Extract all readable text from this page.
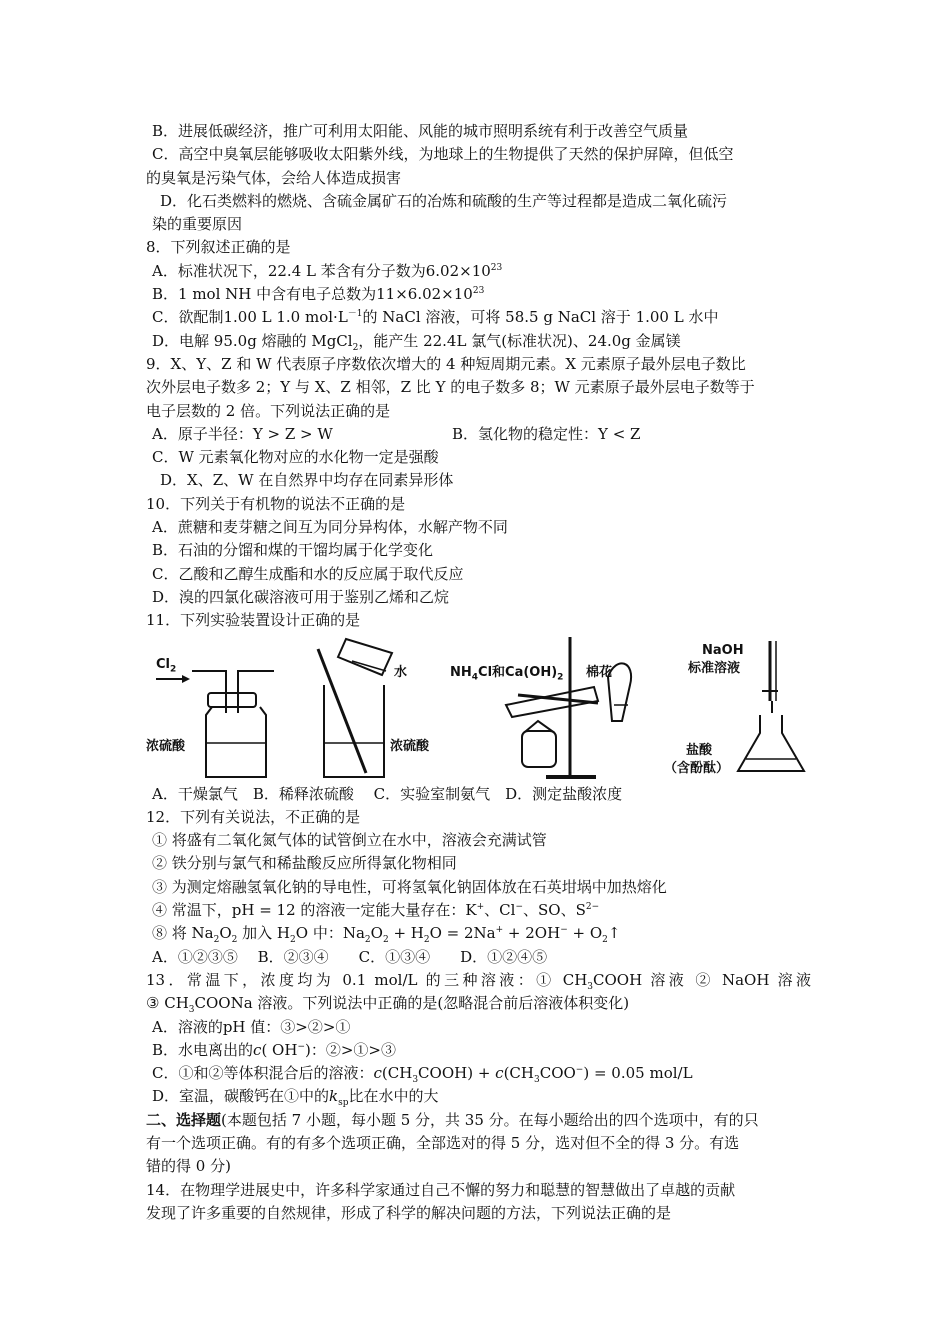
B．进展低碳经济，推广可利用太阳能、风能的城市照明系统有利于改善空气质量
C．高空中臭氧层能够吸收太阳紫外线，为地球上的生物提供了天然的保护屏障，但低空
的臭氧是污染气体，会给人体造成损害
D．化石类燃料的燃烧、含硫金属矿石的冶炼和硫酸的生产等过程都是造成二氧化硫污
染的重要原因
8．下列叙述正确的是
A．标准状况下，22.4 L 苯含有分子数为$6.02\times 10^{23}$
B．1 mol NH 中含有电子总数为$11\times 6.02\times 10^{23}$
C．欲配制1.00 L 1.0 $mol\cdot L^{-1}$的 NaCl 溶液，可将 58.5 g NaCl 溶于 1.00 L 水中
D．电解 95.0g 熔融的 MgCl$_2$，能产生 22.4L 氯气(标准状况)、24.0g 金属镁
9．X、Y、Z 和 W 代表原子序数依次增大的 4 种短周期元素。X 元素原子最外层电子数比
次外层电子数多 2；Y 与 X、Z 相邻，Z 比 Y 的电子数多 8；W 元素原子最外层电子数等于
电子层数的 2 倍。下列说法正确的是
A．原子半径：Y > Z > W	B．氢化物的稳定性：Y < Z
C．W 元素氧化物对应的水化物一定是强酸
D．X、Z、W 在自然界中均存在同素异形体
10．下列关于有机物的说法不正确的是
A．蔗糖和麦芽糖之间互为同分异构体，水解产物不同
B．石油的分馏和煤的干馏均属于化学变化
C．乙酸和乙醇生成酯和水的反应属于取代反应
D．溴的四氯化碳溶液可用于鉴别乙烯和乙烷
11．下列实验装置设计正确的是
$Cl_2$
浓硫酸
水
浓硫酸
$NH_4Cl$和$Ca(OH)_2$ 棉花
NaOH
标准溶液
盐酸
（含酚酞）
A．干燥氯气　B．稀释浓硫酸　 C．实验室制氨气　D．测定盐酸浓度
12．下列有关说法，不正确的是
① 将盛有二氧化氮气体的试管倒立在水中，溶液会充满试管
② 铁分别与氯气和稀盐酸反应所得氯化物相同
③ 为测定熔融氢氧化钠的导电性，可将氢氧化钠固体放在石英坩埚中加热熔化
④ 常温下，pH = 12 的溶液一定能大量存在：K+、Cl−、SO、$S^{2-}$
⑧ 将 $Na_2O_2$ 加入 $H_2O$ 中：$Na_2O_2 + H_2O = 2Na^+ + 2OH^-$ + $O_2↑$
A．①②③⑤　 B．②③④　　C．①③④　　D．①②④⑤
13．常温下，浓度均为 0.1 mol/L 的三种溶液：① $CH_3COOH$ 溶液 ② NaOH 溶液
③ $CH_3COONa$ 溶液。下列说法中正确的是(忽略混合前后溶液体积变化)
A．溶液的pH 值：③>②>①
B．水电离出的c( OH−)：②>①>③
C．①和②等体积混合后的溶液：$c(CH_3COOH) + c(CH_3COO^-) = 0.05$ mol/L
D．室温，碳酸钙在①中的$k_{sp}$比在水中的大
二、选择题(本题包括 7 小题，每小题 5 分，共 35 分。在每小题给出的四个选项中，有的只
有一个选项正确。有的有多个选项正确，全部选对的得 5 分，选对但不全的得 3 分。有选
错的得 0 分)
14．在物理学进展史中，许多科学家通过自己不懈的努力和聪慧的智慧做出了卓越的贡献
发现了许多重要的自然规律，形成了科学的解决问题的方法，下列说法正确的是
